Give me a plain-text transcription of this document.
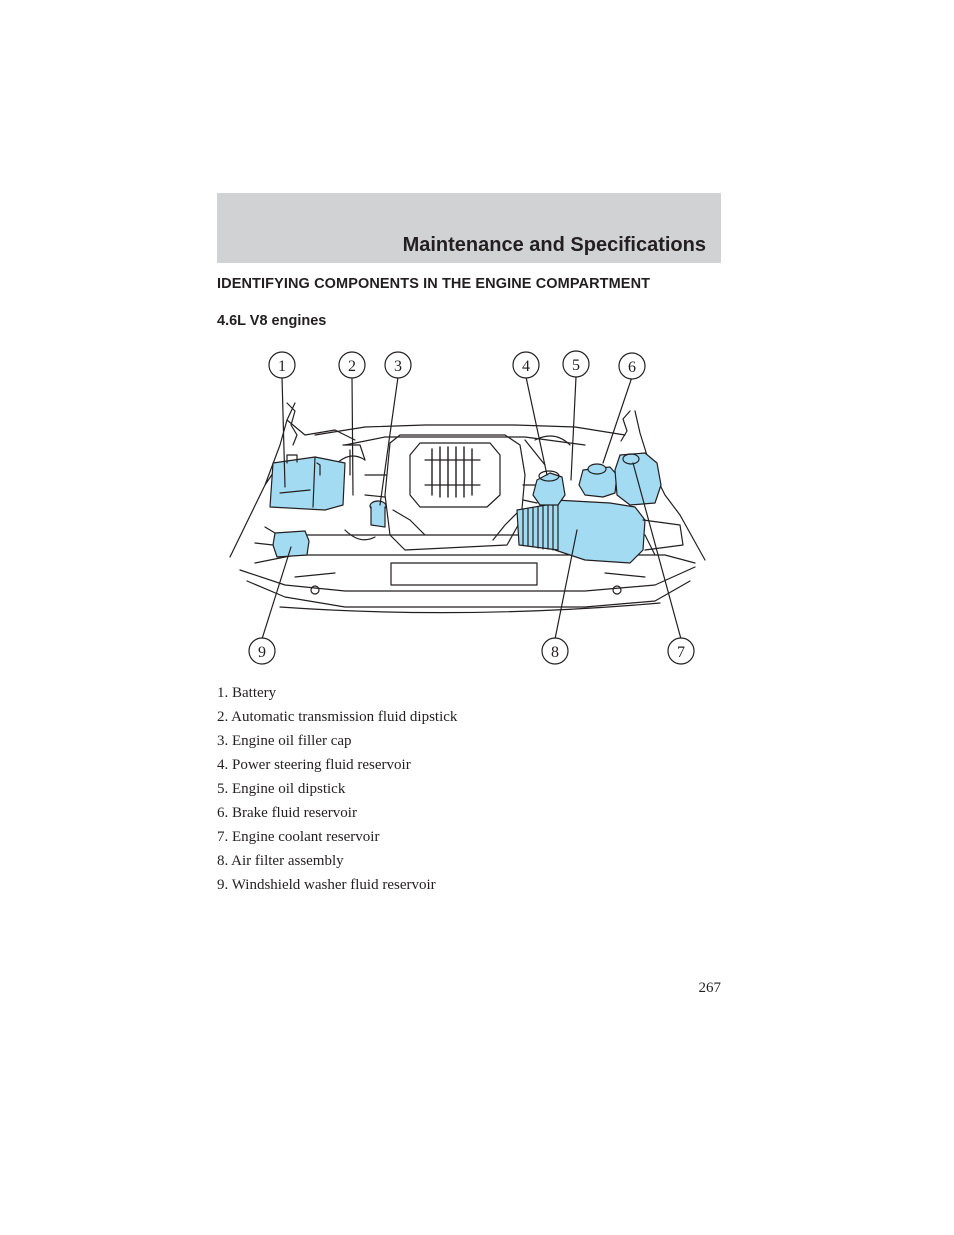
Maintenance and Specifications
IDENTIFYING COMPONENTS IN THE ENGINE COMPARTMENT
4.6L V8 engines
1	2 3	4	5	6
7
8
9
1. Battery
2. Automatic transmission fluid dipstick
3. Engine oil filler cap
4. Power steering fluid reservoir
5. Engine oil dipstick
6. Brake fluid reservoir
7. Engine coolant reservoir
8. Air filter assembly
9. Windshield washer fluid reservoir
267
